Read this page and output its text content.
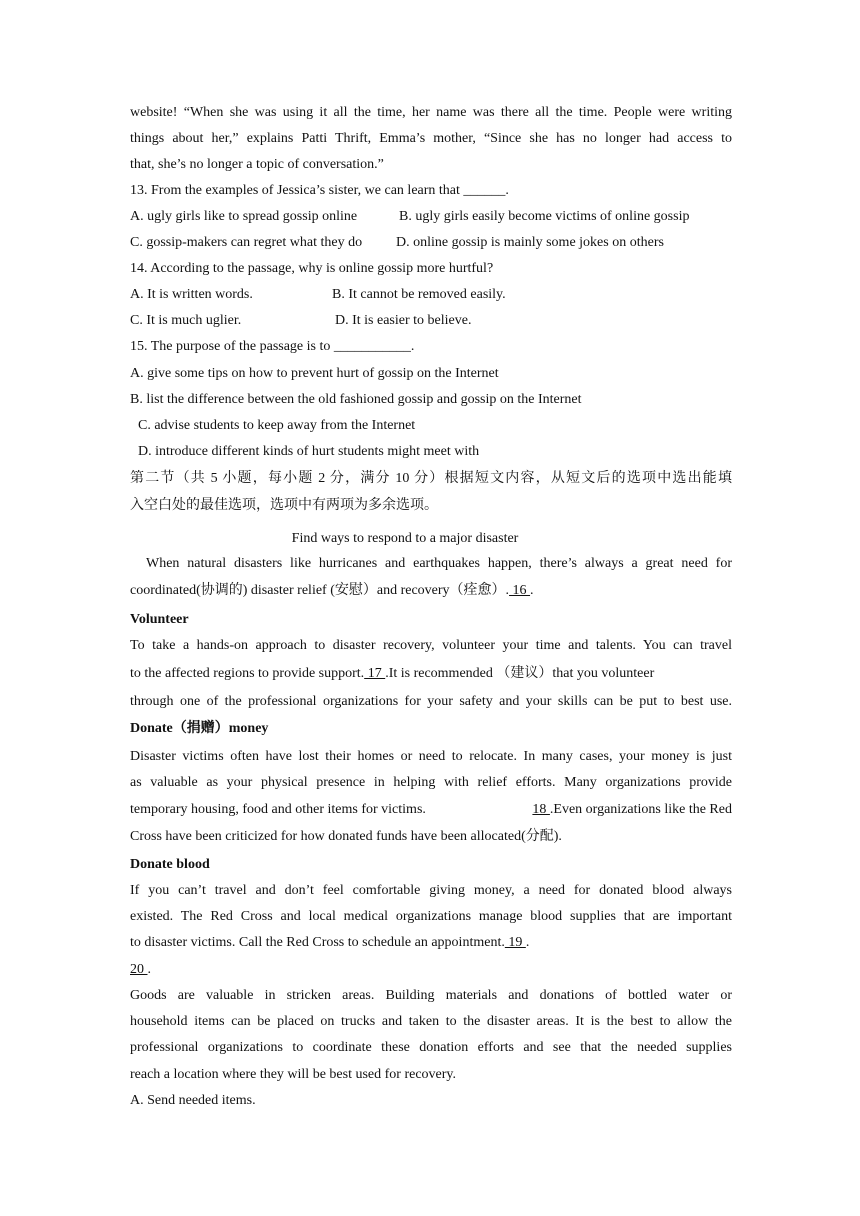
website! “When she was using it all the time, her name was there all the time. People were writing
things about her,” explains Patti Thrift, Emma’s mother, “Since she has no longer had access to
that, she’s no longer a topic of conversation.”
13. From the examples of Jessica’s sister, we can learn that ______.
A. ugly girls like to spread gossip online	B. ugly girls easily become victims of online gossip
C. gossip-makers can regret what they do D. online gossip is mainly some jokes on others
14. According to the passage, why is online gossip more hurtful?
A. It is written words.	B. It cannot be removed easily.
C. It is much uglier.	D. It is easier to believe.
15. The purpose of the passage is to ___________.
A. give some tips on how to prevent hurt of gossip on the Internet
B. list the difference between the old fashioned gossip and gossip on the Internet
C. advise students to keep away from the Internet
D. introduce different kinds of hurt students might meet with
第二节（共 5 小题，每小题 2 分，满分 10 分）根据短文内容，从短文后的选项中选出能填
入空白处的最佳选项，选项中有两项为多余选项。
Find ways to respond to a major disaster
When natural disasters like hurricanes and earthquakes happen, there’s always a great need for
coordinated(协调的) disaster relief (安慰）and recovery（痊愈）. 16 .
Volunteer
To take a hands-on approach to disaster recovery, volunteer your time and talents. You can travel
to the affected regions to provide support. 17 .It is recommended （建议）that you volunteer
through one of the professional organizations for your safety and your skills can be put to best use.
Donate（捐赠）money
Disaster victims often have lost their homes or need to relocate. In many cases, your money is just
as valuable as your physical presence in helping with relief efforts. Many organizations provide
temporary housing, food and other items for victims.	18 .Even organizations like the Red
Cross have been criticized for how donated funds have been allocated(分配).
Donate blood
If you can’t travel and don’t feel comfortable giving money, a need for donated blood always
existed. The Red Cross and local medical organizations manage blood supplies that are important
to disaster victims. Call the Red Cross to schedule an appointment. 19 .
20 .
Goods are valuable in stricken areas. Building materials and donations of bottled water or
household items can be placed on trucks and taken to the disaster areas. It is the best to allow the
professional organizations to coordinate these donation efforts and see that the needed supplies
reach a location where they will be best used for recovery.
A. Send needed items.
